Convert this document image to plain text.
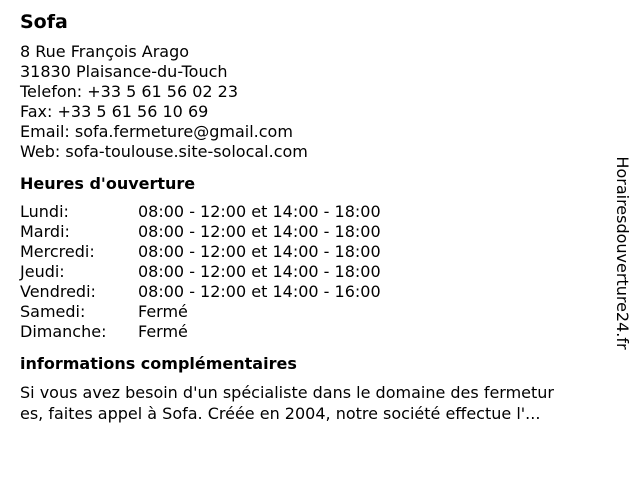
Sofa
8 Rue François Arago
31830 Plaisance-du-Touch
Telefon: +33 5 61 56 02 23
Fax: +33 5 61 56 10 69
Email: sofa.fermeture@gmail.com
Web: sofa-toulouse.site-solocal.com
Heures d'ouverture
Lundi:	08:00 - 12:00 et 14:00 - 18:00
Mardi:	08:00 - 12:00 et 14:00 - 18:00
Mercredi:	08:00 - 12:00 et 14:00 - 18:00
Jeudi:	08:00 - 12:00 et 14:00 - 18:00
Vendredi:	08:00 - 12:00 et 14:00 - 16:00
Samedi:	Fermé
Dimanche:	Fermé
informations complémentaires
Si vous avez besoin d'un spécialiste dans le domaine des fermetur
es, faites appel à Sofa. Créée en 2004, notre société effectue l'...
Horairesdouverture24.fr
